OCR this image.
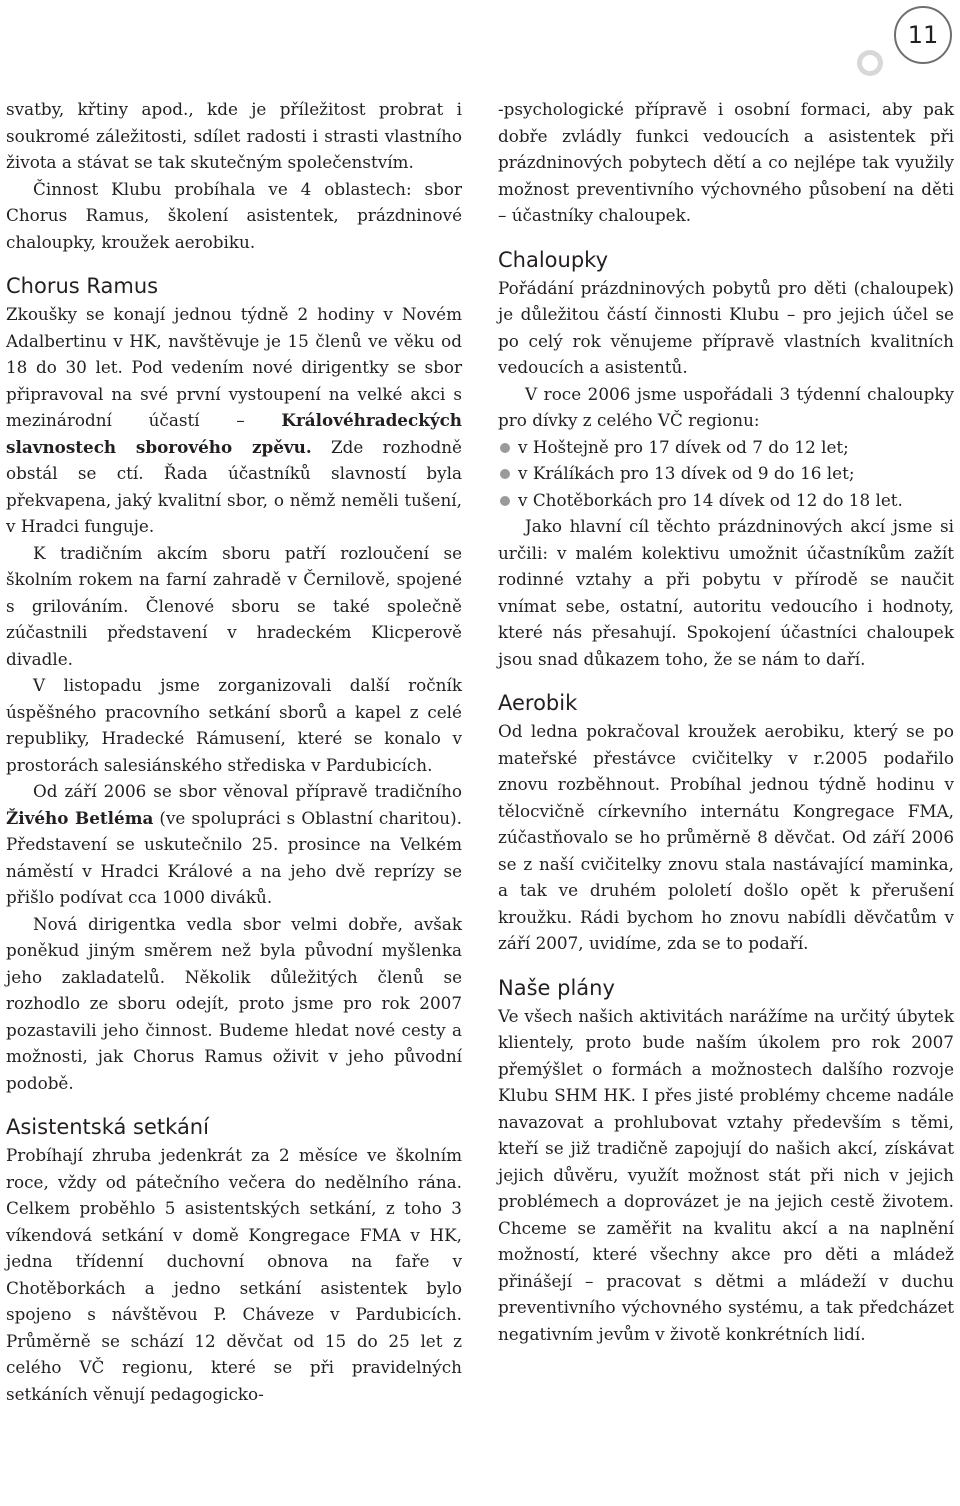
11

svatby, křtiny apod., kde je příležitost probrat i soukromé záležitosti, sdílet radosti i strasti vlastního života a stávat se tak skutečným společenstvím.

Činnost Klubu probíhala ve 4 oblastech: sbor Chorus Ramus, školení asistentek, prázdninové chaloupky, kroužek aerobiku.

Chorus Ramus

Zkoušky se konají jednou týdně 2 hodiny v Novém Adalbertinu v HK, navštěvuje je 15 členů ve věku od 18 do 30 let. Pod vedením nové dirigentky se sbor připravoval na své první vystoupení na velké akci s mezinárodní účastí – Královéhradeckých slavnostech sborového zpěvu. Zde rozhodně obstál se ctí. Řada účastníků slavností byla překvapena, jaký kvalitní sbor, o němž neměli tušení, v Hradci funguje.

K tradičním akcím sboru patří rozloučení se školním rokem na farní zahradě v Černilově, spojené s grilováním. Členové sboru se také společně zúčastnili představení v hradeckém Klicperově divadle.

V listopadu jsme zorganizovali další ročník úspěšného pracovního setkání sborů a kapel z celé republiky, Hradecké Rámusení, které se konalo v prostorách salesiánského střediska v Pardubicích.

Od září 2006 se sbor věnoval přípravě tradičního Živého Betléma (ve spolupráci s Oblastní charitou). Představení se uskutečnilo 25. prosince na Velkém náměstí v Hradci Králové a na jeho dvě reprízy se přišlo podívat cca 1000 diváků.

Nová dirigentka vedla sbor velmi dobře, avšak poněkud jiným směrem než byla původní myšlenka jeho zakladatelů. Několik důležitých členů se rozhodlo ze sboru odejít, proto jsme pro rok 2007 pozastavili jeho činnost. Budeme hledat nové cesty a možnosti, jak Chorus Ramus oživit v jeho původní podobě.

Asistentská setkání

Probíhají zhruba jedenkrát za 2 měsíce ve školním roce, vždy od pátečního večera do nedělního rána. Celkem proběhlo 5 asistentských setkání, z toho 3 víkendová setkání v domě Kongregace FMA v HK, jedna třídenní duchovní obnova na faře v Chotěborkách a jedno setkání asistentek bylo spojeno s návštěvou P. Cháveze v Pardubicích. Průměrně se schází 12 děvčat od 15 do 25 let z celého VČ regionu, které se při pravidelných setkáních věnují pedagogicko-

-psychologické přípravě i osobní formaci, aby pak dobře zvládly funkci vedoucích a asistentek při prázdninových pobytech dětí a co nejlépe tak využily možnost preventivního výchovného působení na děti – účastníky chaloupek.

Chaloupky

Pořádání prázdninových pobytů pro děti (chaloupek) je důležitou částí činnosti Klubu – pro jejich účel se po celý rok věnujeme přípravě vlastních kvalitních vedoucích a asistentů.

V roce 2006 jsme uspořádali 3 týdenní chaloupky pro dívky z celého VČ regionu:

v Hoštejně pro 17 dívek od 7 do 12 let;
v Králíkách pro 13 dívek od 9 do 16 let;
v Chotěborkách pro 14 dívek od 12 do 18 let.

Jako hlavní cíl těchto prázdninových akcí jsme si určili: v malém kolektivu umožnit účastníkům zažít rodinné vztahy a při pobytu v přírodě se naučit vnímat sebe, ostatní, autoritu vedoucího i hodnoty, které nás přesahují. Spokojení účastníci chaloupek jsou snad důkazem toho, že se nám to daří.

Aerobik

Od ledna pokračoval kroužek aerobiku, který se po mateřské přestávce cvičitelky v r.2005 podařilo znovu rozběhnout. Probíhal jednou týdně hodinu v tělocvičně církevního internátu Kongregace FMA, zúčastňovalo se ho průměrně 8 děvčat. Od září 2006 se z naší cvičitelky znovu stala nastávající maminka, a tak ve druhém pololetí došlo opět k přerušení kroužku. Rádi bychom ho znovu nabídli děvčatům v září 2007, uvidíme, zda se to podaří.

Naše plány

Ve všech našich aktivitách narážíme na určitý úbytek klientely, proto bude naším úkolem pro rok 2007 přemýšlet o formách a možnostech dalšího rozvoje Klubu SHM HK. I přes jisté problémy chceme nadále navazovat a prohlubovat vztahy především s těmi, kteří se již tradičně zapojují do našich akcí, získávat jejich důvěru, využít možnost stát při nich v jejich problémech a doprovázet je na jejich cestě životem. Chceme se zaměřit na kvalitu akcí a na naplnění možností, které všechny akce pro děti a mládež přinášejí – pracovat s dětmi a mládeží v duchu preventivního výchovného systému, a tak předcházet negativním jevům v životě konkrétních lidí.
